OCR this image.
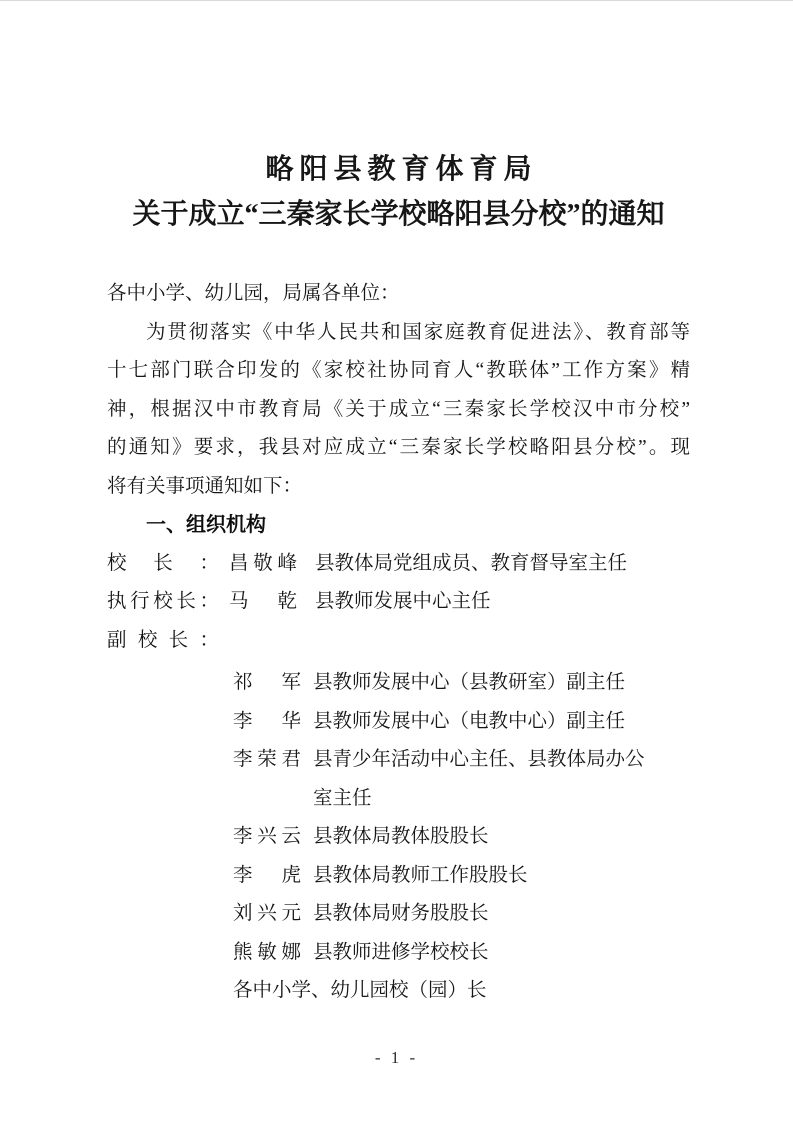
略阳县教育体育局
关于成立“三秦家长学校略阳县分校”的通知

各中小学、幼儿园，局属各单位：

为贯彻落实《中华人民共和国家庭教育促进法》、教育部等
十七部门联合印发的《家校社协同育人“教联体”工作方案》精
神，根据汉中市教育局《关于成立“三秦家长学校汉中市分校”
的通知》要求，我县对应成立“三秦家长学校略阳县分校”。现
将有关事项通知如下：
一、组织机构
校长： 昌敬峰 县教体局党组成员、教育督导室主任
执行校长： 马乾 县教师发展中心主任
副校长：
祁军 县教师发展中心（县教研室）副主任
李华 县教师发展中心（电教中心）副主任
李荣君 县青少年活动中心主任、县教体局办公
室主任
李兴云 县教体局教体股股长
李虎 县教体局教师工作股股长
刘兴元 县教体局财务股股长
熊敏娜 县教师进修学校校长
各中小学、幼儿园校（园）长
- 1 -
